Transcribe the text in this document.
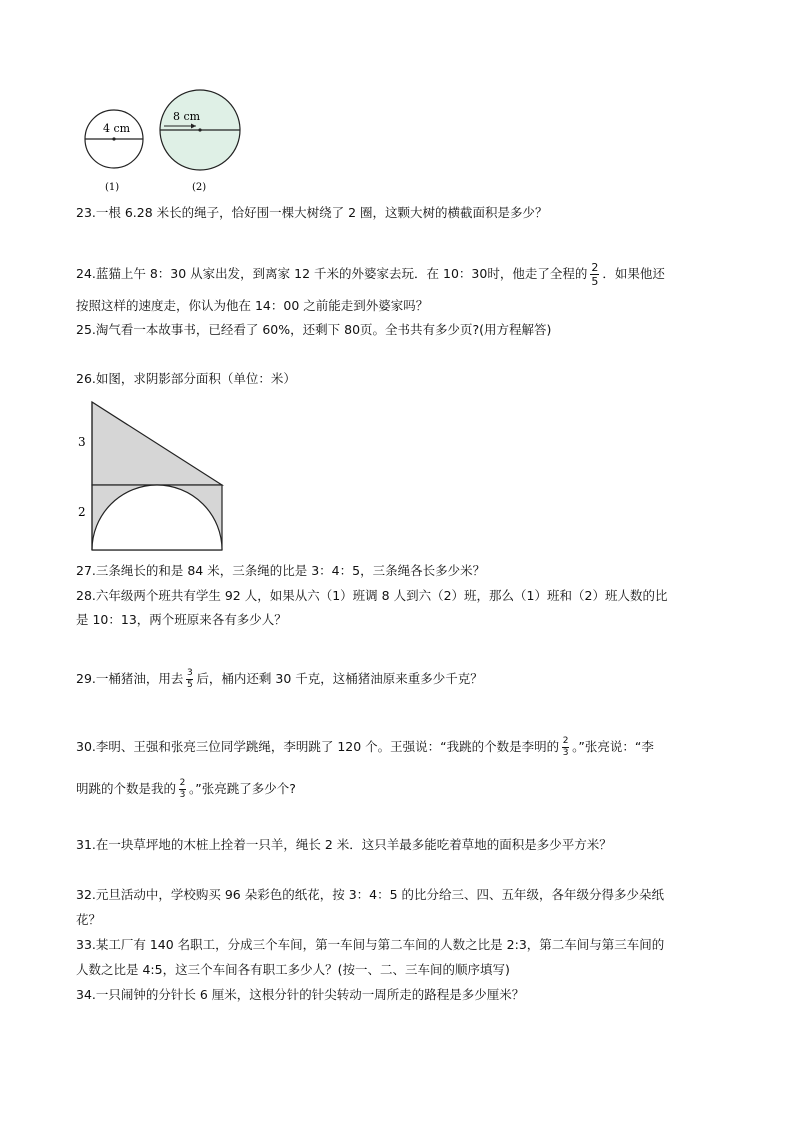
4 cm
(1)
8 cm
(2)
23.一根 6.28 米长的绳子，恰好围一棵大树绕了 2 圈，这颗大树的横截面积是多少？
24.蓝猫上午 8：30 从家出发，到离家 12 千米的外婆家去玩．在 10：30时，他走了全程的 $\frac{2}{5}$ ．如果他还
按照这样的速度走，你认为他在 14：00 之前能走到外婆家吗？
25.淘气看一本故事书，已经看了 60%，还剩下 80页。全书共有多少页?(用方程解答)
26.如图，求阴影部分面积（单位：米）
3
2
27.三条绳长的和是 84 米，三条绳的比是 3：4：5，三条绳各长多少米？
28.六年级两个班共有学生 92 人，如果从六（1）班调 8 人到六（2）班，那么（1）班和（2）班人数的比
是 10：13，两个班原来各有多少人？
29.一桶猪油，用去 $\frac{3}{5}$ 后，桶内还剩 30 千克，这桶猪油原来重多少千克？
30.李明、王强和张亮三位同学跳绳，李明跳了 120 个。王强说：“我跳的个数是李明的 $\frac{2}{3}$ 。”张亮说：“李
明跳的个数是我的 $\frac{2}{3}$ 。”张亮跳了多少个?
31.在一块草坪地的木桩上拴着一只羊，绳长 2 米．这只羊最多能吃着草地的面积是多少平方米？
32.元旦活动中，学校购买 96 朵彩色的纸花，按 3：4：5 的比分给三、四、五年级，各年级分得多少朵纸
花？
33.某工厂有 140 名职工，分成三个车间，第一车间与第二车间的人数之比是 2:3，第二车间与第三车间的
人数之比是 4:5，这三个车间各有职工多少人？(按一、二、三车间的顺序填写)
34.一只闹钟的分针长 6 厘米，这根分针的针尖转动一周所走的路程是多少厘米？
